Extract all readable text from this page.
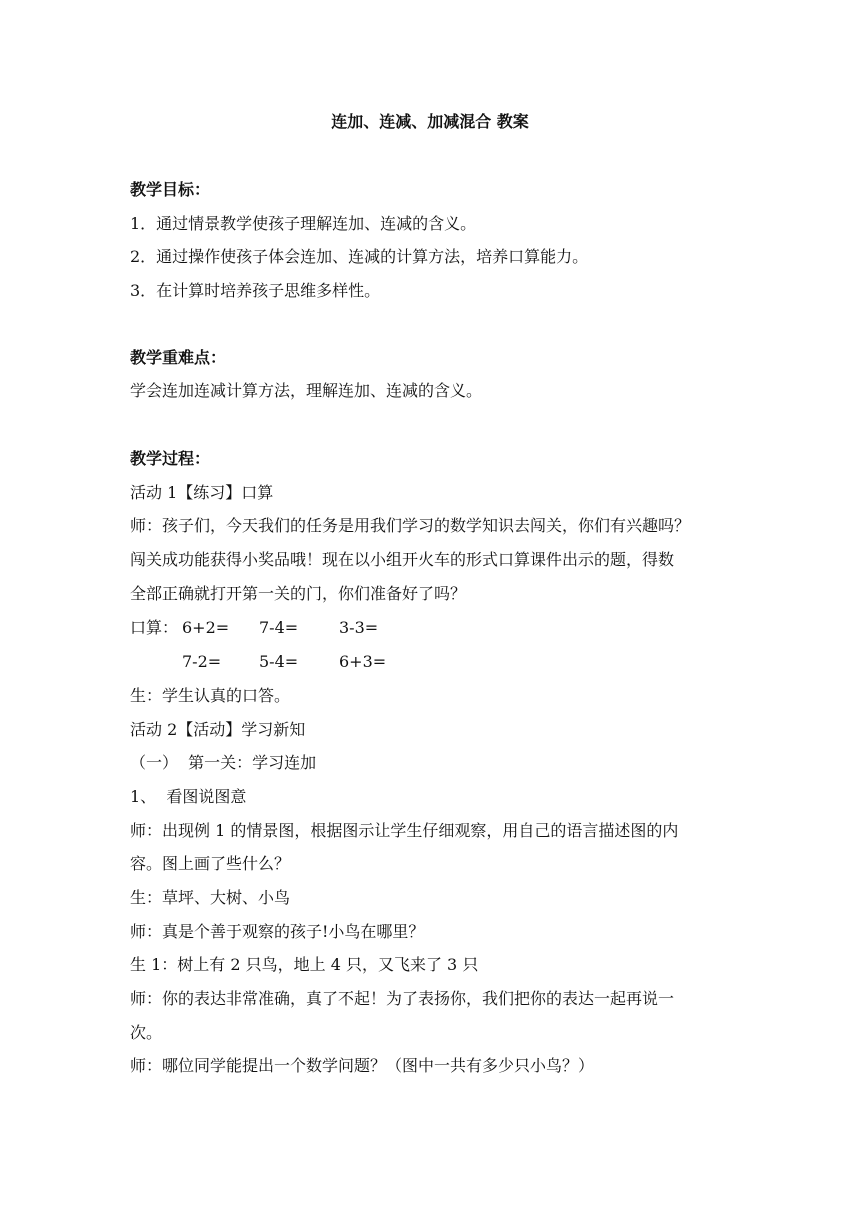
连加、连减、加减混合 教案
教学目标：
1．通过情景教学使孩子理解连加、连减的含义。
2．通过操作使孩子体会连加、连减的计算方法，培养口算能力。
3．在计算时培养孩子思维多样性。
教学重难点：
学会连加连减计算方法，理解连加、连减的含义。
教学过程：
活动 1【练习】口算
师：孩子们，今天我们的任务是用我们学习的数学知识去闯关，你们有兴趣吗？
闯关成功能获得小奖品哦！现在以小组开火车的形式口算课件出示的题，得数
全部正确就打开第一关的门，你们准备好了吗？
口算： 6+2= 7-4=	3-3=
7-2= 5-4=	6+3=
生：学生认真的口答。
活动 2【活动】学习新知
（一）  第一关：学习连加
1、  看图说图意
师：出现例 1 的情景图，根据图示让学生仔细观察，用自己的语言描述图的内
容。图上画了些什么？
生：草坪、大树、小鸟
师：真是个善于观察的孩子!小鸟在哪里？
生 1：树上有 2 只鸟，地上 4 只，又飞来了 3 只
师：你的表达非常准确，真了不起！为了表扬你，我们把你的表达一起再说一
次。
师：哪位同学能提出一个数学问题？（图中一共有多少只小鸟？）
